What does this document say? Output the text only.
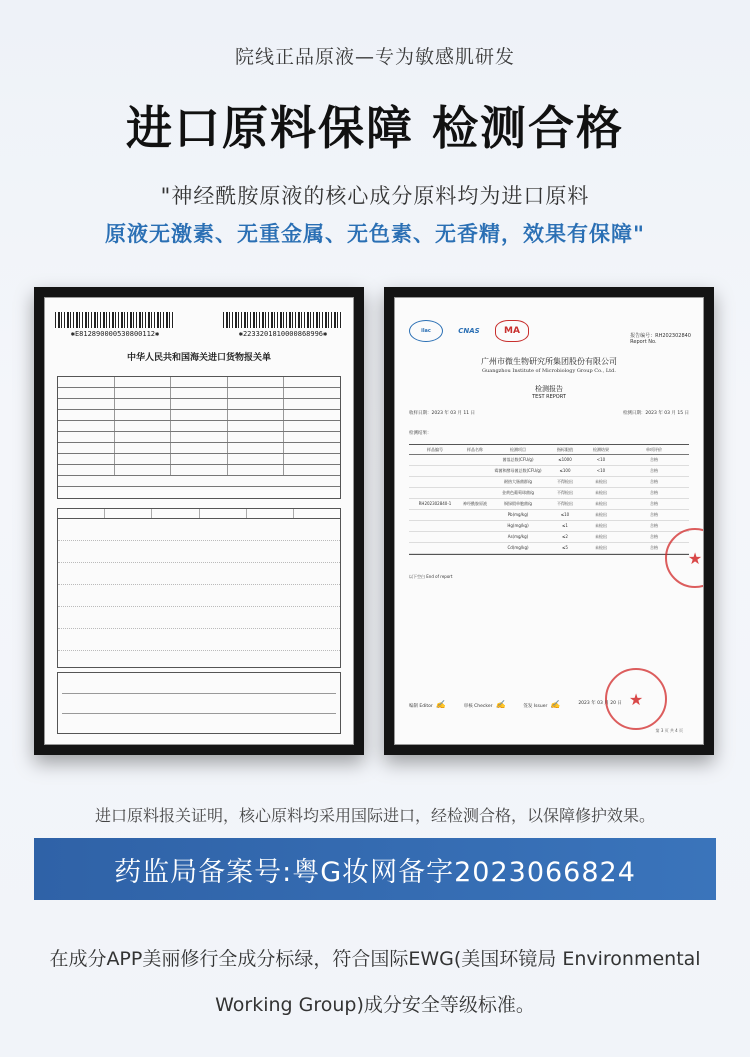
院线正品原液—专为敏感肌研发
进口原料保障 检测合格
"神经酰胺原液的核心成分原料均为进口原料
原液无激素、无重金属、无色素、无香精，效果有保障"
✱E812890000530800112✱	✱2233201810000868996✱
中华人民共和国海关进口货物报关单
ilac	CNAS	MA	报告编号：RH202302840
Report No.
广州市微生物研究所集团股份有限公司
Guangzhou Institute of Microbiology Group Co., Ltd.
检测报告
TEST REPORT
收样日期：2023 年 03 月 11 日	检测日期：2023 年 03 月 15 日
检测结果：
样品编号	样品名称	检测项目	指标限值	检测结果	单项评价
菌落总数(CFU/g)	≤1000	<10	合格
霉菌和酵母菌总数(CFU/g)	≤100	<10	合格
耐热大肠菌群/g	不得检出	未检出	合格
金黄色葡萄球菌/g	不得检出	未检出	合格
RH202302840-1	神经酰胺原液	铜绿假单胞菌/g	不得检出	未检出	合格
Pb(mg/kg)	≤10	未检出	合格
Hg(mg/kg)	≤1	未检出	合格
As(mg/kg)	≤2	未检出	合格
Cd(mg/kg)	≤5	未检出	合格
以下空白 End of report
★
★
编制 Editor ✍	审核 Checker ✍	签发 Issuer ✍	2023 年 03 月 20 日
第 3 页 共 4 页
进口原料报关证明，核心原料均采用国际进口，经检测合格，以保障修护效果。
药监局备案号:粤G妆网备字2023066824
在成分APP美丽修行全成分标绿，符合国际EWG(美国环镜局 Environmental Working Group)成分安全等级标准。
